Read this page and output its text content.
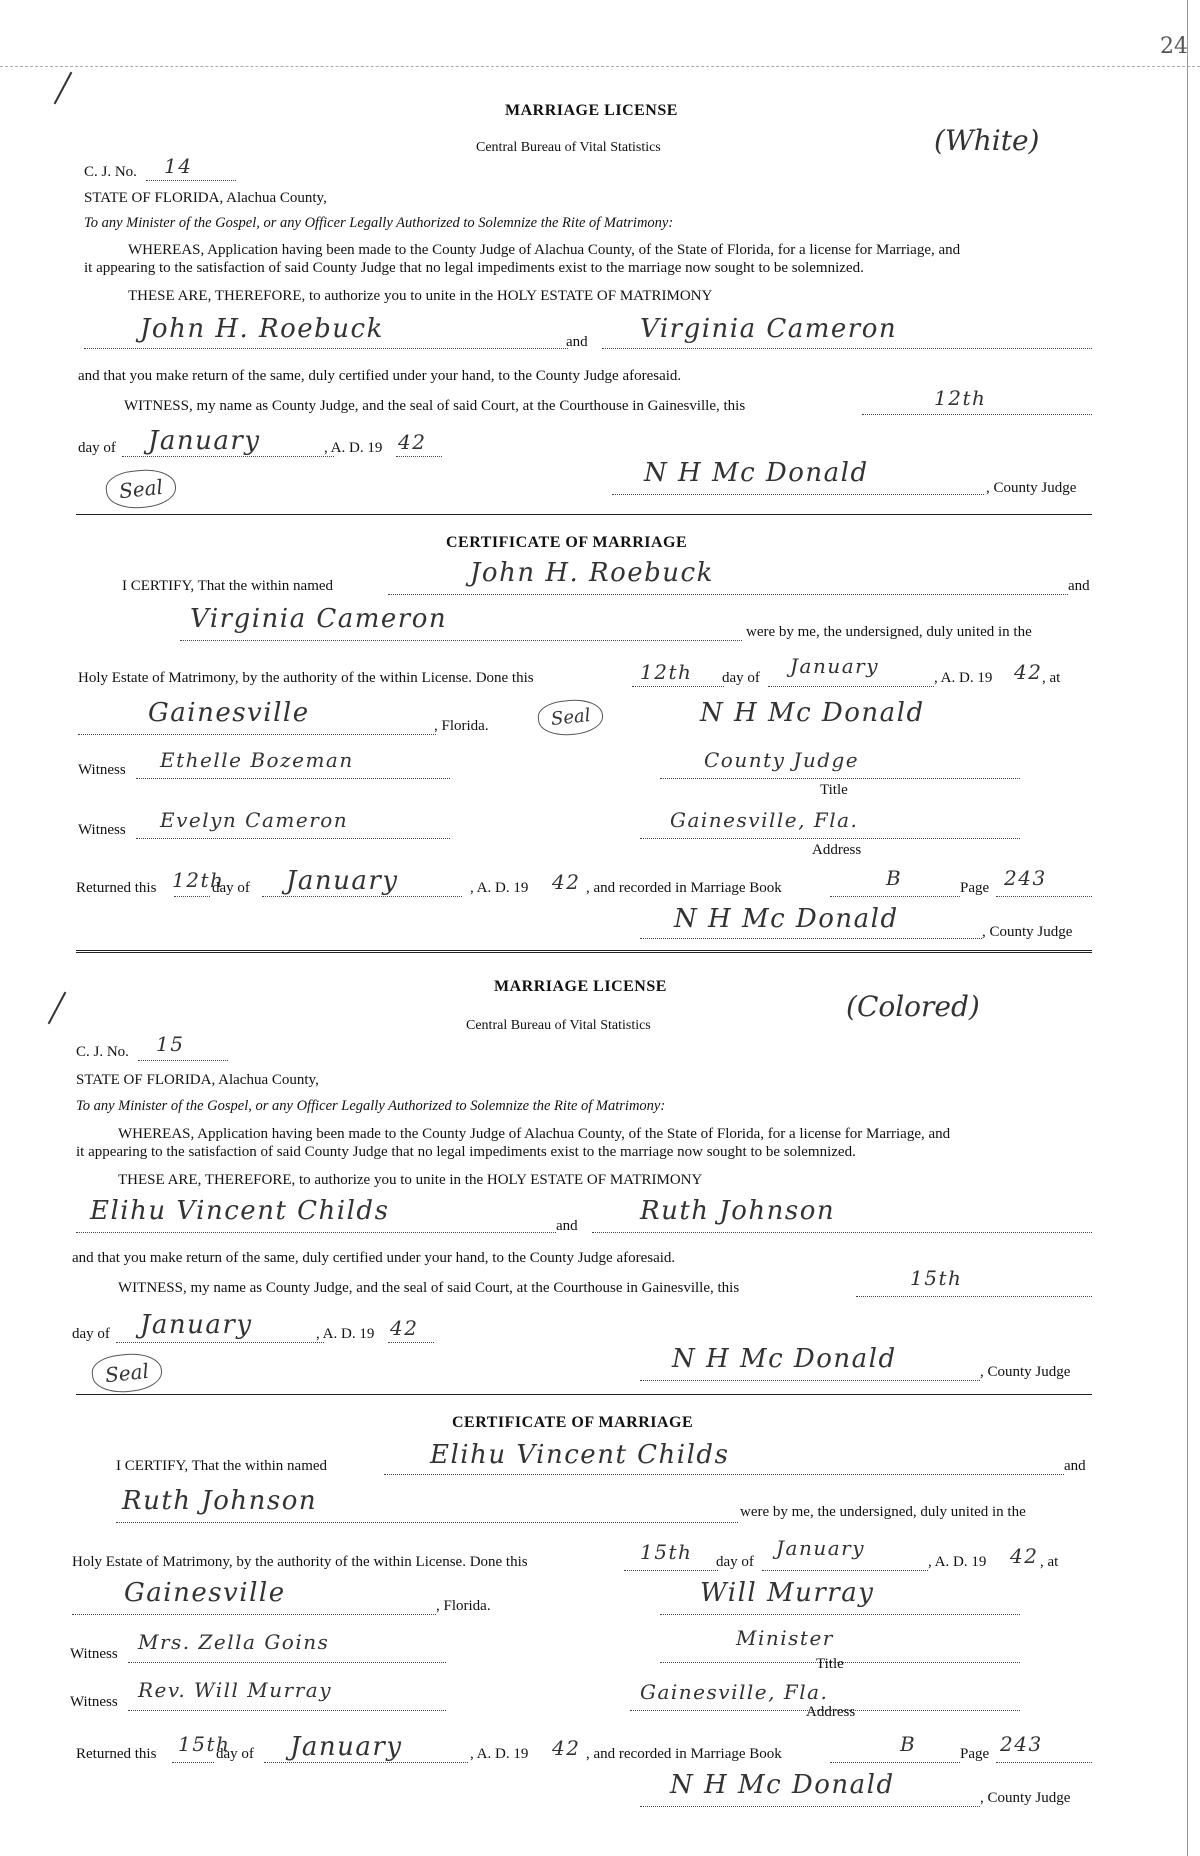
24
MARRIAGE LICENSE
Central Bureau of Vital Statistics	(White)
C. J. No. 14
STATE OF FLORIDA, Alachua County,
To any Minister of the Gospel, or any Officer Legally Authorized to Solemnize the Rite of Matrimony:
WHEREAS, Application having been made to the County Judge of Alachua County, of the State of Florida, for a license for Marriage, and
it appearing to the satisfaction of said County Judge that no legal impediments exist to the marriage now sought to be solemnized.
THESE ARE, THEREFORE, to authorize you to unite in the HOLY ESTATE OF MATRIMONY
John H. Roebuck	and Virginia Cameron
and that you make return of the same, duly certified under your hand, to the County Judge aforesaid.
WITNESS, my name as County Judge, and the seal of said Court, at the Courthouse in Gainesville, this	12th
day of January	, A. D. 19 42
Seal
N H Mc Donald	, County Judge
CERTIFICATE OF MARRIAGE
I CERTIFY, That the within named	John H. Roebuck	and
Virginia Cameron	were by me, the undersigned, duly united in the
Holy Estate of Matrimony, by the authority of the within License. Done this	12th day of January	, A. D. 19 42 , at
Gainesville	, Florida.	Seal	N H Mc Donald
Witness Ethelle Bozeman	County Judge
Title
Witness Evelyn Cameron	Gainesville, Fla.
Address
Returned this 12th
day of January	, A. D. 19 42 , and recorded in Marriage Book	B	Page 243
N H Mc Donald	, County Judge
MARRIAGE LICENSE
Central Bureau of Vital Statistics
(Colored)
C. J. No. 15
STATE OF FLORIDA, Alachua County,
To any Minister of the Gospel, or any Officer Legally Authorized to Solemnize the Rite of Matrimony:
WHEREAS, Application having been made to the County Judge of Alachua County, of the State of Florida, for a license for Marriage, and
it appearing to the satisfaction of said County Judge that no legal impediments exist to the marriage now sought to be solemnized.
THESE ARE, THEREFORE, to authorize you to unite in the HOLY ESTATE OF MATRIMONY
Elihu Vincent Childs	and Ruth Johnson
and that you make return of the same, duly certified under your hand, to the County Judge aforesaid.
WITNESS, my name as County Judge, and the seal of said Court, at the Courthouse in Gainesville, this	15th
day of January	, A. D. 19 42
Seal	N H Mc Donald	, County Judge
CERTIFICATE OF MARRIAGE
I CERTIFY, That the within named	Elihu Vincent Childs	and
Ruth Johnson	were by me, the undersigned, duly united in the
Holy Estate of Matrimony, by the authority of the within License. Done this	15th day of
January
, A. D. 19 42 , at
Gainesville	, Florida.	Will Murray
Witness Mrs. Zella Goins	Minister
Title
Witness Rev. Will Murray	Gainesville, Fla.
Address
Returned this 15th
day of January	, A. D. 19 42 , and recorded in Marriage Book	B	Page 243
N H Mc Donald	, County Judge
